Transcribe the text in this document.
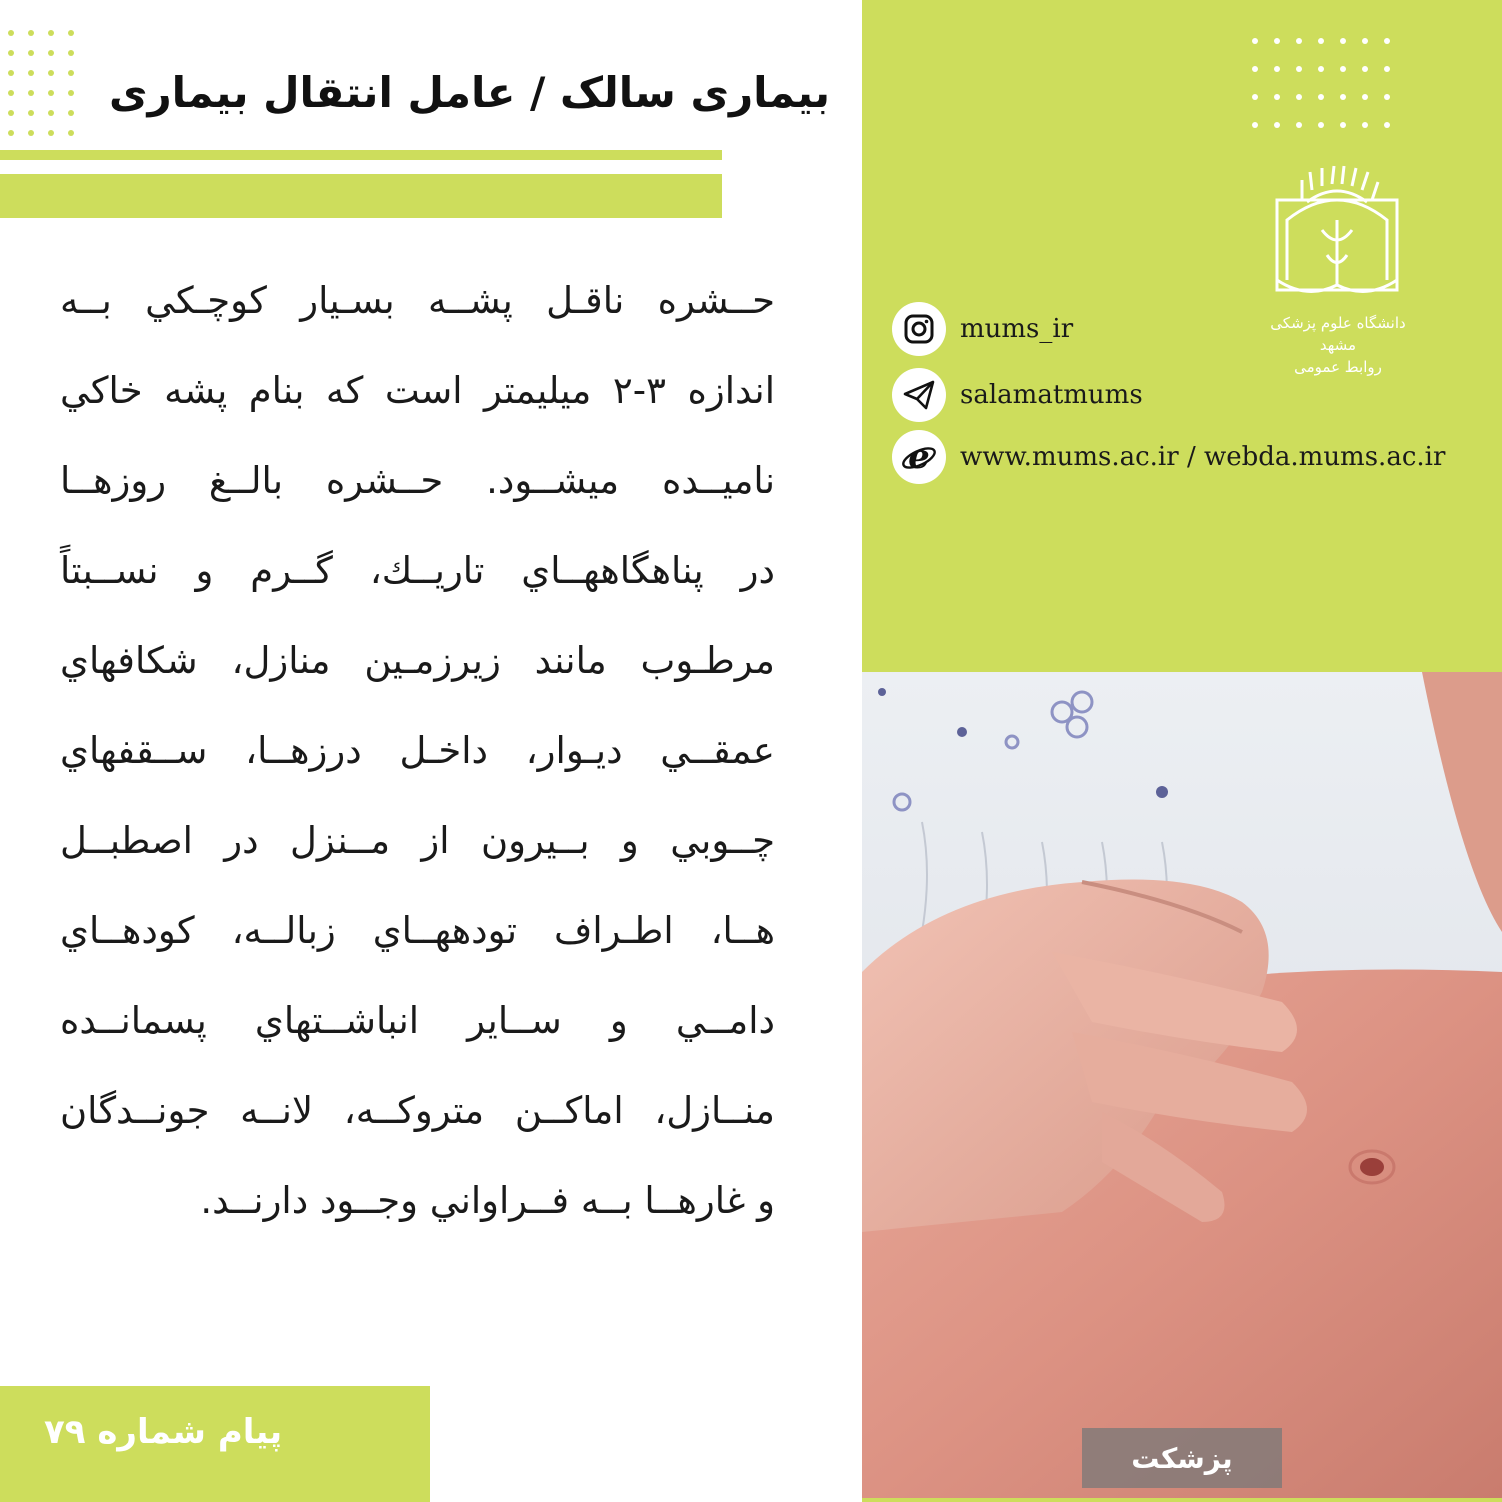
بیماری سالک / عامل انتقال بیماری
حــشره ناقـل پشــه بسـيار كوچـكي بــه
اندازه ۳-۲ ميليمتر است كه بنام پشه خاكي
ناميــده ميشــود. حــشره بالــغ روزهــا
در پناهگاههــاي تاريــك، گــرم و نســبتاً
مرطـوب مانند زيرزمـين منازل، شكافهاي
عمقــي ديـوار، داخـل درزهــا، ســقفهاي
چــوبي و بــيرون از مــنزل در اصطبــل
هــا، اطـراف تودههــاي زبالــه، كودهــاي
دامــي و ســاير انباشــتهاي پسمانــده
منــازل، اماكــن متروكــه، لانــه جونــدگان
و غارهــا بــه فــراواني وجــود دارنــد.
پیام شماره ۷۹
دانشگاه علوم پزشکی مشهد
روابط عمومی
mums_ir
salamatmums
e www.mums.ac.ir / webda.mums.ac.ir
پزشکت
